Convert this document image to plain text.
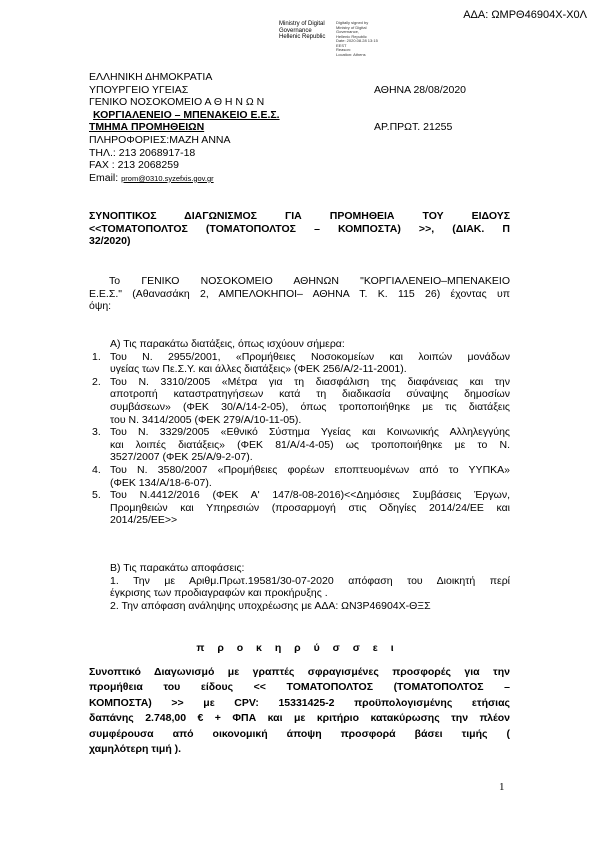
ΑΔΑ: ΩΜΡΘ46904Χ-Χ0Λ
Ministry of Digital
Governance
Hellenic Republic
Digitally signed by
Ministry of Digital
Governance,
Hellenic Republic
Date: 2020.08.28 13:15
EEST
Reason:
Location: Athens
ΕΛΛΗΝΙΚΗ ΔΗΜΟΚΡΑΤΙΑ
ΥΠΟΥΡΓΕΙΟ ΥΓΕΙΑΣ	ΑΘΗΝΑ 28/08/2020
ΓΕΝΙΚΟ ΝΟΣΟΚΟΜΕΙΟ Α Θ Η Ν Ω Ν
ΚΟΡΓΙΑΛΕΝΕΙΟ – ΜΠΕΝΑΚΕΙΟ Ε.Ε.Σ.
ΤΜΗΜΑ ΠΡΟΜΗΘΕΙΩΝ	ΑΡ.ΠΡΩΤ. 21255
ΠΛΗΡΟΦΟΡΙΕΣ:ΜΑΖΗ ΑΝΝΑ
ΤΗΛ.: 213 2068917-18
FAX : 213 2068259
Email: prom@0310.syzefxis.gov.gr
ΣΥΝΟΠΤΙΚΟΣ ΔΙΑΓΩΝΙΣΜΟΣ ΓΙΑ ΠΡΟΜΗΘΕΙΑ ΤΟΥ ΕΙΔΟΥΣ
<<ΤΟΜΑΤΟΠΟΛΤΟΣ (ΤΟΜΑΤΟΠΟΛΤΟΣ – ΚΟΜΠΟΣΤΑ) >>, (ΔΙΑΚ. Π
32/2020)
Το ΓΕΝΙΚΟ ΝΟΣΟΚΟΜΕΙΟ ΑΘΗΝΩΝ "ΚΟΡΓΙΑΛΕΝΕΙΟ–ΜΠΕΝΑΚΕΙΟ
Ε.Ε.Σ." (Αθανασάκη 2, ΑΜΠΕΛΟΚΗΠΟΙ– ΑΘΗΝΑ Τ. Κ. 115 26) έχοντας υπ
όψη:
Α) Τις παρακάτω διατάξεις, όπως ισχύουν σήμερα:
1. Του Ν. 2955/2001, «Προμήθειες Νοσοκομείων και λοιπών μονάδων
υγείας των Πε.Σ.Υ. και άλλες διατάξεις» (ΦΕΚ 256/Α/2-11-2001).
2. Του Ν. 3310/2005 «Μέτρα για τη διασφάλιση της διαφάνειας και την
αποτροπή καταστρατηγήσεων κατά τη διαδικασία σύναψης δημοσίων
συμβάσεων» (ΦΕΚ 30/Α/14-2-05), όπως τροποποιήθηκε με τις διατάξεις
του Ν. 3414/2005 (ΦΕΚ 279/Α/10-11-05).
3. Του Ν. 3329/2005 «Εθνικό Σύστημα Υγείας και Κοινωνικής Αλληλεγγύης
και λοιπές διατάξεις» (ΦΕΚ 81/Α/4-4-05) ως τροποποιήθηκε με το Ν.
3527/2007 (ΦΕΚ 25/Α/9-2-07).
4. Του Ν. 3580/2007 «Προμήθειες φορέων εποπτευομένων από το ΥΥΠΚΑ»
(ΦΕΚ 134/Α/18-6-07).
5. Του Ν.4412/2016 (ΦΕΚ Α' 147/8-08-2016)<<Δημόσιες Συμβάσεις Έργων,
Προμηθειών και Υπηρεσιών (προσαρμογή στις Οδηγίες 2014/24/ΕΕ και
2014/25/ΕΕ>>
Β) Τις παρακάτω αποφάσεις:
1. Την με Αριθμ.Πρωτ.19581/30-07-2020 απόφαση του Διοικητή περί
έγκρισης των προδιαγραφών και προκήρυξης .
2. Την απόφαση ανάληψης υποχρέωσης με ΑΔΑ: ΩΝ3Ρ46904Χ-ΘΞΣ
π ρ ο κ η ρ ύ σ σ ε ι
Συνοπτικό Διαγωνισμό με γραπτές σφραγισμένες προσφορές για την
προμήθεια του είδους << ΤΟΜΑΤΟΠΟΛΤΟΣ (ΤΟΜΑΤΟΠΟΛΤΟΣ –
ΚΟΜΠΟΣΤΑ) >> με CPV: 15331425-2 προϋπολογισμένης ετήσιας
δαπάνης 2.748,00 € + ΦΠΑ και με κριτήριο κατακύρωσης την πλέον
συμφέρουσα από οικονομική άποψη προσφορά βάσει τιμής (
χαμηλότερη τιμή ).
1
